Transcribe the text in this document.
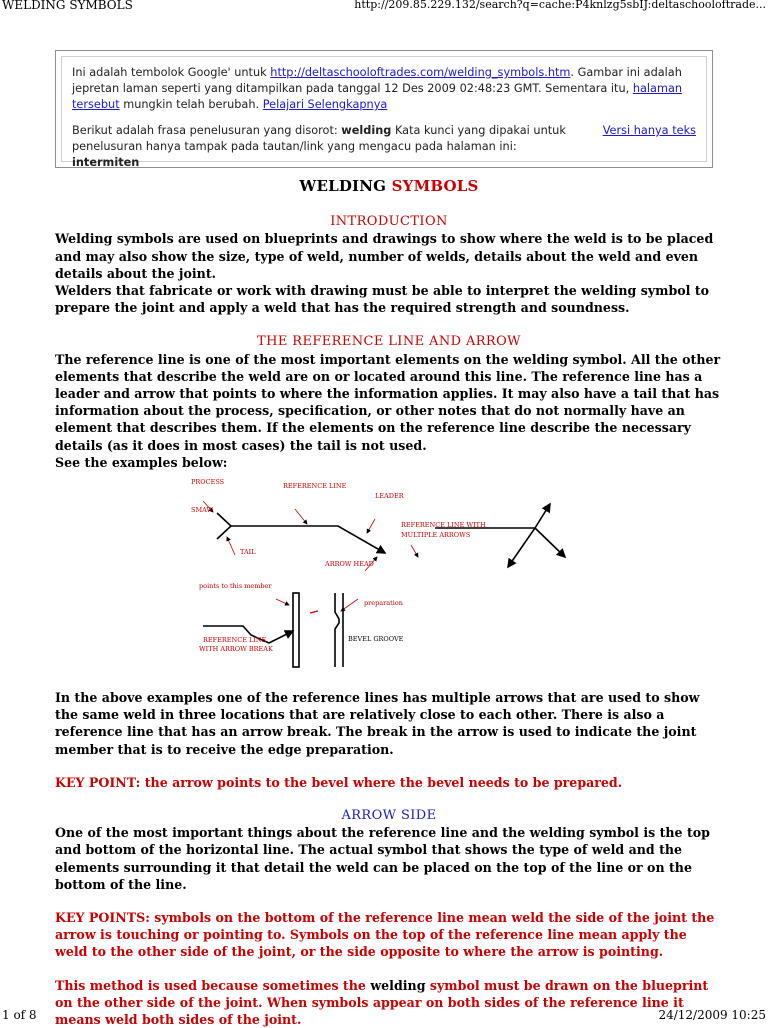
WELDING SYMBOLS	http://209.85.229.132/search?q=cache:P4knlzg5sbIJ:deltaschooloftrade...
Ini adalah tembolok Google' untuk http://deltaschooloftrades.com/welding_symbols.htm. Gambar ini adalah jepretan laman seperti yang ditampilkan pada tanggal 12 Des 2009 02:48:23 GMT. Sementara itu, halaman tersebut mungkin telah berubah. Pelajari Selengkapnya
Berikut adalah frasa penelusuran yang disorot: welding Kata kunci yang dipakai untuk penelusuran hanya tampak pada tautan/link yang mengacu pada halaman ini: intermiten
Versi hanya teks
WELDING SYMBOLS
INTRODUCTION

Welding symbols are used on blueprints and drawings to show where the weld is to be placed and may also show the size, type of weld, number of welds, details about the weld and even details about the joint.

Welders that fabricate or work with drawing must be able to interpret the welding symbol to prepare the joint and apply a weld that has the required strength and soundness.

THE REFERENCE LINE AND ARROW

The reference line is one of the most important elements on the welding symbol. All the other elements that describe the weld are on or located around this line. The reference line has a leader and arrow that points to where the information applies. It may also have a tail that has information about the process, specification, or other notes that do not normally have an element that describes them. If the elements on the reference line describe the necessary details (as it does in most cases) the tail is not used.

See the examples below:

PROCESS
SMAW
TAIL
REFERENCE LINE
LEADER
ARROW HEAD
REFERENCE LINE WITH
MULTIPLE ARROWS
points to this member
preparation
REFERENCE LINE
WITH ARROW BREAK
BEVEL GROOVE

In the above examples one of the reference lines has multiple arrows that are used to show the same weld in three locations that are relatively close to each other. There is also a reference line that has an arrow break. The break in the arrow is used to indicate the joint member that is to receive the edge preparation.

KEY POINT: the arrow points to the bevel where the bevel needs to be prepared.

ARROW SIDE

One of the most important things about the reference line and the welding symbol is the top and bottom of the horizontal line. The actual symbol that shows the type of weld and the elements surrounding it that detail the weld can be placed on the top of the line or on the bottom of the line.

KEY POINTS: symbols on the bottom of the reference line mean weld the side of the joint the arrow is touching or pointing to. Symbols on the top of the reference line mean apply the weld to the other side of the joint, or the side opposite to where the arrow is pointing.

This method is used because sometimes the welding symbol must be drawn on the blueprint on the other side of the joint. When symbols appear on both sides of the reference line it means weld both sides of the joint.

1 of 8	24/12/2009 10:25
